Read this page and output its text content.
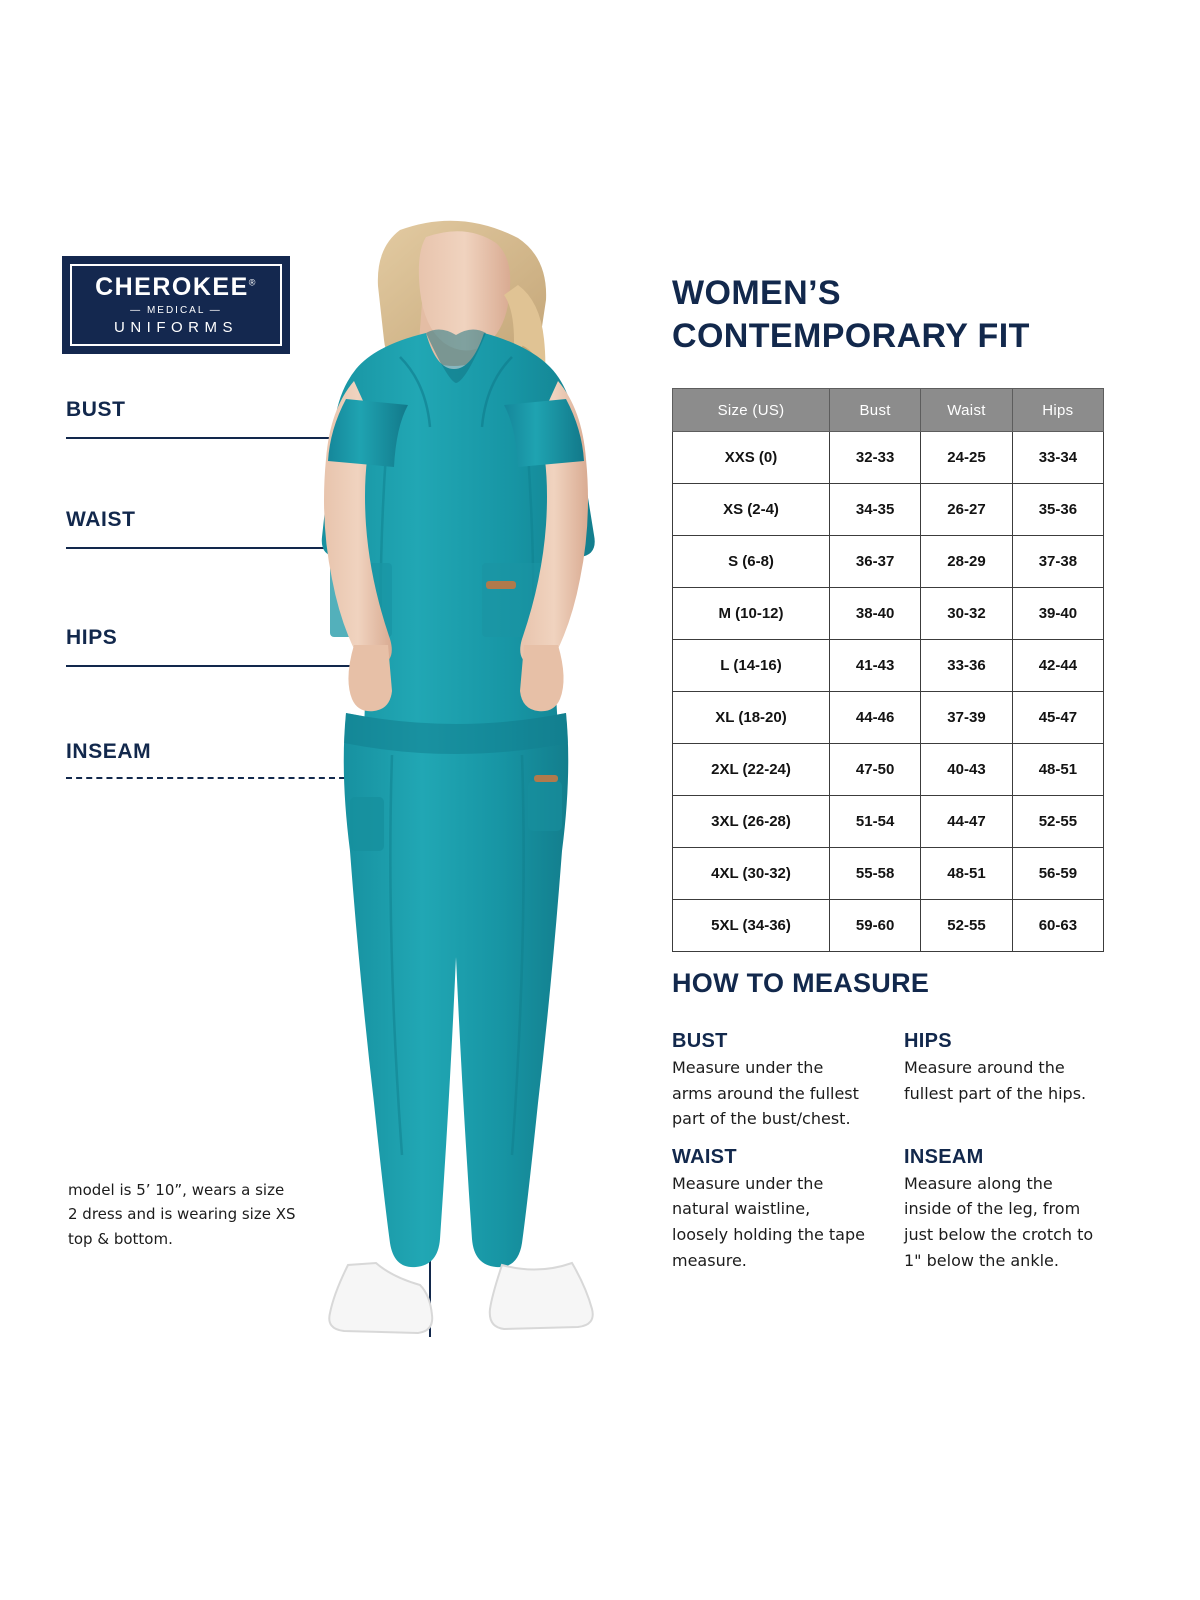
CHEROKEE®
— MEDICAL —
UNIFORMS
BUST
WAIST
HIPS
INSEAM
model is 5’ 10”, wears a size 2 dress and is wearing size XS top & bottom.
WOMEN’S
CONTEMPORARY FIT
Size (US)	Bust	Waist	Hips
XXS (0)	32-33	24-25	33-34
XS (2-4)	34-35	26-27	35-36
S (6-8)	36-37	28-29	37-38
M (10-12)	38-40	30-32	39-40
L (14-16)	41-43	33-36	42-44
XL (18-20)	44-46	37-39	45-47
2XL (22-24)	47-50	40-43	48-51
3XL (26-28)	51-54	44-47	52-55
4XL (30-32)	55-58	48-51	56-59
5XL (34-36)	59-60	52-55	60-63
HOW TO MEASURE
BUST

Measure under the arms around the fullest part of the bust/chest.

HIPS

Measure around the fullest part of the hips.

WAIST

Measure under the natural waistline, loosely holding the tape measure.

INSEAM

Measure along the inside of the leg, from just below the crotch to 1" below the ankle.
